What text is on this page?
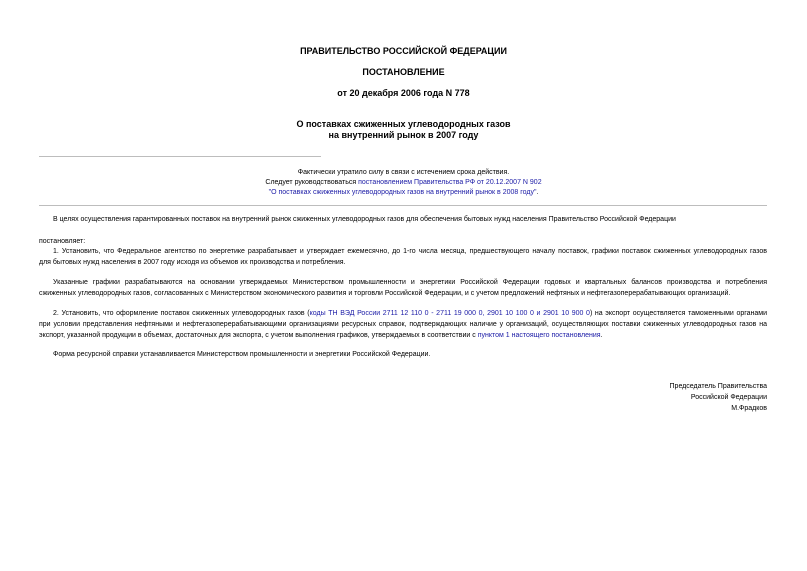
ПРАВИТЕЛЬСТВО РОССИЙСКОЙ ФЕДЕРАЦИИ
ПОСТАНОВЛЕНИЕ
от 20 декабря 2006 года N 778
О поставках сжиженных углеводородных газов
на внутренний рынок в 2007 году
Фактически утратило силу в связи с истечением срока действия.
Следует руководствоваться постановлением Правительства РФ от 20.12.2007 N 902
"О поставках сжиженных углеводородных газов на внутренний рынок в 2008 году".
В целях осуществления гарантированных поставок на внутренний рынок сжиженных углеводородных газов для обеспечения бытовых нужд населения Правительство Российской Федерации
постановляет:
1. Установить, что Федеральное агентство по энергетике разрабатывает и утверждает ежемесячно, до 1-го числа месяца, предшествующего началу поставок, графики поставок сжиженных углеводородных газов
для бытовых нужд населения в 2007 году исходя из объемов их производства и потребления.
Указанные графики разрабатываются на основании утверждаемых Министерством промышленности и энергетики Российской Федерации годовых и квартальных балансов производства и потребления
сжиженных углеводородных газов, согласованных с Министерством экономического развития и торговли Российской Федерации, и с учетом предложений нефтяных и нефтегазоперерабатывающих организаций.
2. Установить, что оформление поставок сжиженных углеводородных газов (коды ТН ВЭД России 2711 12 110 0 - 2711 19 000 0, 2901 10 100 0 и 2901 10 900 0) на экспорт осуществляется таможенными органами
при условии представления нефтяными и нефтегазоперерабатывающими организациями ресурсных справок, подтверждающих наличие у организаций, осуществляющих поставки сжиженных углеводородных газов на
экспорт, указанной продукции в объемах, достаточных для экспорта, с учетом выполнения графиков, утверждаемых в соответствии с пунктом 1 настоящего постановления.
Форма ресурсной справки устанавливается Министерством промышленности и энергетики Российской Федерации.
Председатель Правительства
Российской Федерации
М.Фрадков
